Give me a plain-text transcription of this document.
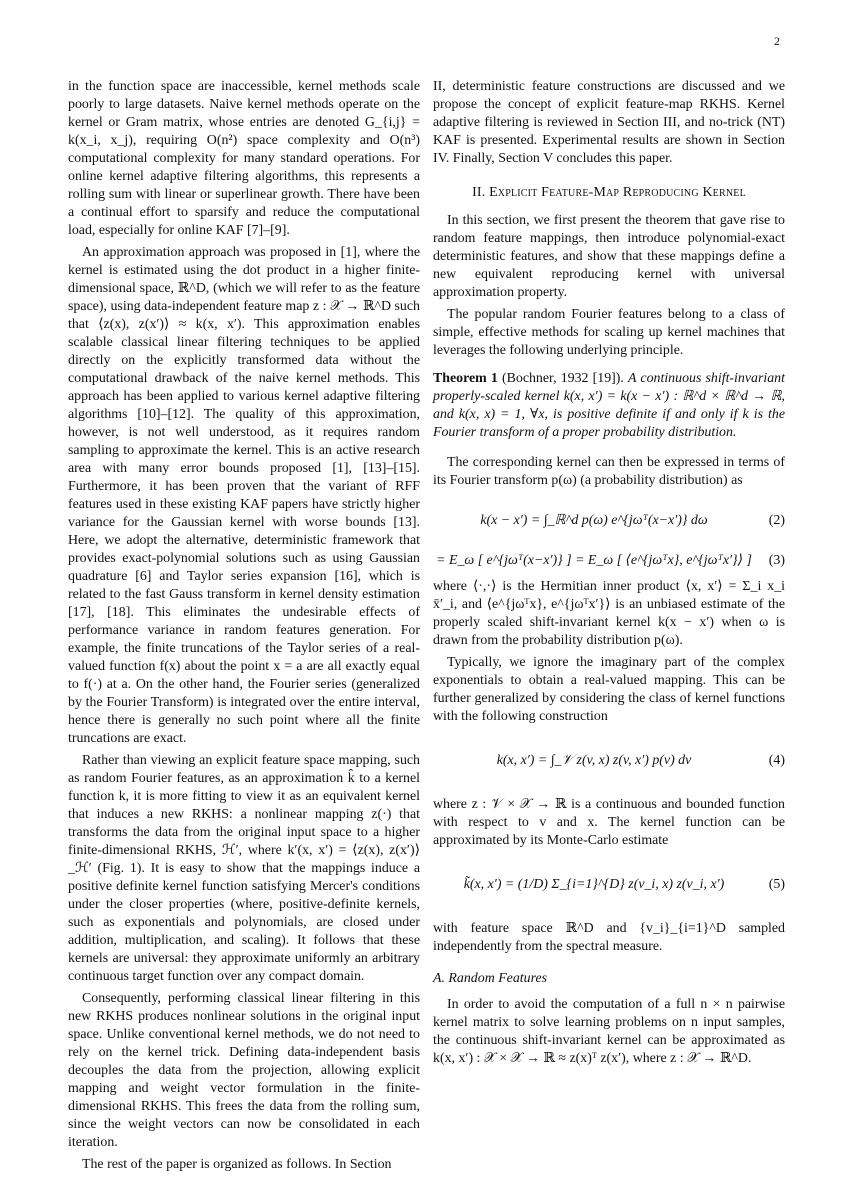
2

in the function space are inaccessible, kernel methods scale poorly to large datasets. Naive kernel methods operate on the kernel or Gram matrix, whose entries are denoted G_{i,j} = k(x_i, x_j), requiring O(n²) space complexity and O(n³) computational complexity for many standard operations. For online kernel adaptive filtering algorithms, this represents a rolling sum with linear or superlinear growth. There have been a continual effort to sparsify and reduce the computational load, especially for online KAF [7]–[9].

An approximation approach was proposed in [1], where the kernel is estimated using the dot product in a higher finite-dimensional space, ℝ^D, (which we will refer to as the feature space), using data-independent feature map z : 𝒳 → ℝ^D such that ⟨z(x), z(x′)⟩ ≈ k(x, x′). This approximation enables scalable classical linear filtering techniques to be applied directly on the explicitly transformed data without the computational drawback of the naive kernel methods. This approach has been applied to various kernel adaptive filtering algorithms [10]–[12]. The quality of this approximation, however, is not well understood, as it requires random sampling to approximate the kernel. This is an active research area with many error bounds proposed [1], [13]–[15]. Furthermore, it has been proven that the variant of RFF features used in these existing KAF papers have strictly higher variance for the Gaussian kernel with worse bounds [13]. Here, we adopt the alternative, deterministic framework that provides exact-polynomial solutions such as using Gaussian quadrature [6] and Taylor series expansion [16], which is related to the fast Gauss transform in kernel density estimation [17], [18]. This eliminates the undesirable effects of performance variance in random features generation. For example, the finite truncations of the Taylor series of a real-valued function f(x) about the point x = a are all exactly equal to f(·) at a. On the other hand, the Fourier series (generalized by the Fourier Transform) is integrated over the entire interval, hence there is generally no such point where all the finite truncations are exact.

Rather than viewing an explicit feature space mapping, such as random Fourier features, as an approximation k̂ to a kernel function k, it is more fitting to view it as an equivalent kernel that induces a new RKHS: a nonlinear mapping z(·) that transforms the data from the original input space to a higher finite-dimensional RKHS, ℋ′, where k′(x, x′) = ⟨z(x), z(x′)⟩_ℋ′ (Fig. 1). It is easy to show that the mappings induce a positive definite kernel function satisfying Mercer's conditions under the closer properties (where, positive-definite kernels, such as exponentials and polynomials, are closed under addition, multiplication, and scaling). It follows that these kernels are universal: they approximate uniformly an arbitrary continuous target function over any compact domain.

Consequently, performing classical linear filtering in this new RKHS produces nonlinear solutions in the original input space. Unlike conventional kernel methods, we do not need to rely on the kernel trick. Defining data-independent basis decouples the data from the projection, allowing explicit mapping and weight vector formulation in the finite-dimensional RKHS. This frees the data from the rolling sum, since the weight vectors can now be consolidated in each iteration.

The rest of the paper is organized as follows. In Section

II, deterministic feature constructions are discussed and we propose the concept of explicit feature-map RKHS. Kernel adaptive filtering is reviewed in Section III, and no-trick (NT) KAF is presented. Experimental results are shown in Section IV. Finally, Section V concludes this paper.

II. Explicit Feature-Map Reproducing Kernel

In this section, we first present the theorem that gave rise to random feature mappings, then introduce polynomial-exact deterministic features, and show that these mappings define a new equivalent reproducing kernel with universal approximation property.

The popular random Fourier features belong to a class of simple, effective methods for scaling up kernel machines that leverages the following underlying principle.

Theorem 1 (Bochner, 1932 [19]). A continuous shift-invariant properly-scaled kernel k(x, x′) = k(x − x′) : ℝ^d × ℝ^d → ℝ, and k(x, x) = 1, ∀x, is positive definite if and only if k is the Fourier transform of a proper probability distribution.

The corresponding kernel can then be expressed in terms of its Fourier transform p(ω) (a probability distribution) as

k(x − x′) = ∫_ℝ^d p(ω) e^{jωᵀ(x−x′)} dω	(2)
= E_ω [ e^{jωᵀ(x−x′)} ] = E_ω [ ⟨e^{jωᵀx}, e^{jωᵀx′}⟩ ]	(3)

where ⟨·,·⟩ is the Hermitian inner product ⟨x, x′⟩ = Σ_i x_i x̄′_i, and ⟨e^{jωᵀx}, e^{jωᵀx′}⟩ is an unbiased estimate of the properly scaled shift-invariant kernel k(x − x′) when ω is drawn from the probability distribution p(ω).

Typically, we ignore the imaginary part of the complex exponentials to obtain a real-valued mapping. This can be further generalized by considering the class of kernel functions with the following construction

k(x, x′) = ∫_𝒱 z(v, x) z(v, x′) p(v) dv	(4)

where z : 𝒱 × 𝒳 → ℝ is a continuous and bounded function with respect to v and x. The kernel function can be approximated by its Monte-Carlo estimate

k̃(x, x′) = (1/D) Σ_{i=1}^{D} z(v_i, x) z(v_i, x′)	(5)

with feature space ℝ^D and {v_i}_{i=1}^D sampled independently from the spectral measure.

A. Random Features

In order to avoid the computation of a full n × n pairwise kernel matrix to solve learning problems on n input samples, the continuous shift-invariant kernel can be approximated as k(x, x′) : 𝒳 × 𝒳 → ℝ ≈ z(x)ᵀ z(x′), where z : 𝒳 → ℝ^D.
